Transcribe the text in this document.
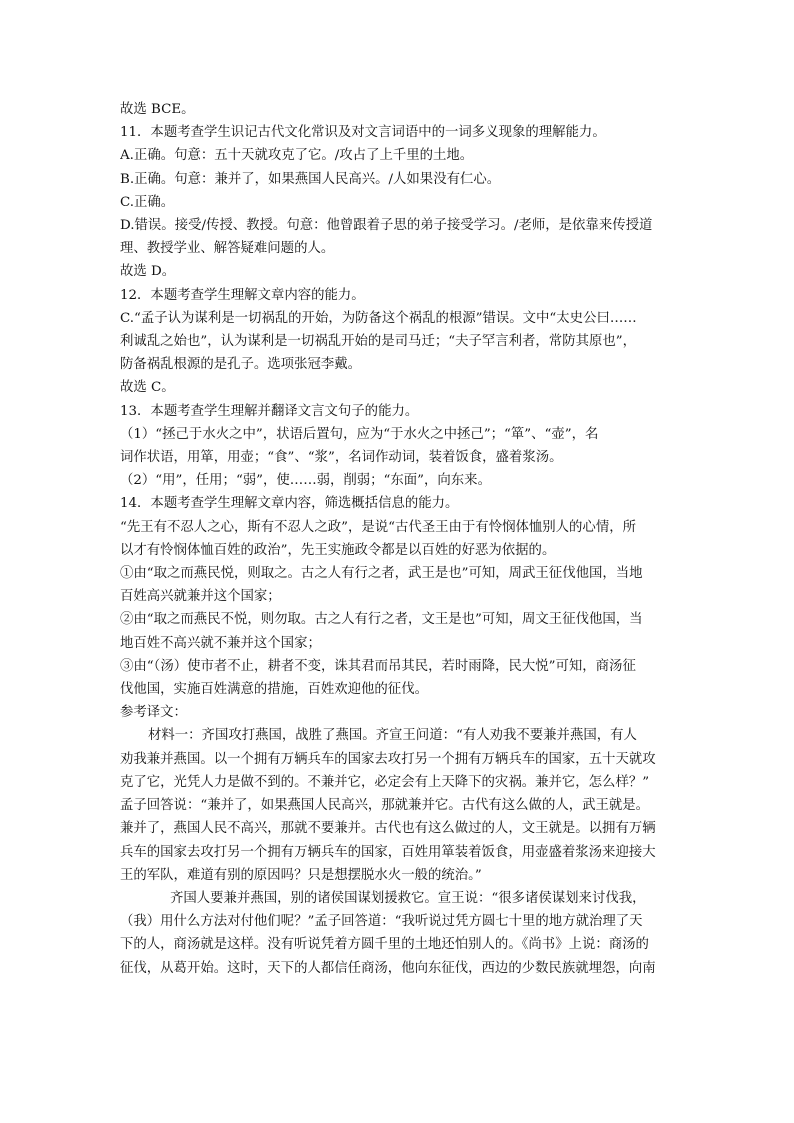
故选 BCE。
11．本题考查学生识记古代文化常识及对文言词语中的一词多义现象的理解能力。
A.正确。句意：五十天就攻克了它。/攻占了上千里的土地。
B.正确。句意：兼并了，如果燕国人民高兴。/人如果没有仁心。
C.正确。
D.错误。接受/传授、教授。句意：他曾跟着子思的弟子接受学习。/老师，是依靠来传授道
理、教授学业、解答疑难问题的人。
故选 D。
12．本题考查学生理解文章内容的能力。
C.“孟子认为谋利是一切祸乱的开始，为防备这个祸乱的根源”错误。文中“太史公曰……
利诚乱之始也”，认为谋利是一切祸乱开始的是司马迁；“夫子罕言利者，常防其原也”，
防备祸乱根源的是孔子。选项张冠李戴。
故选 C。
13．本题考查学生理解并翻译文言文句子的能力。
（1）“拯己于水火之中”，状语后置句，应为“于水火之中拯己”；“箪”、“壶”，名
词作状语，用箪，用壶；“食”、“浆”，名词作动词，装着饭食，盛着浆汤。
（2）“用”，任用；“弱”，使……弱，削弱；“东面”，向东来。
14．本题考查学生理解文章内容，筛选概括信息的能力。
“先王有不忍人之心，斯有不忍人之政”，是说“古代圣王由于有怜悯体恤别人的心情，所
以才有怜悯体恤百姓的政治”，先王实施政令都是以百姓的好恶为依据的。
①由“取之而燕民悦，则取之。古之人有行之者，武王是也”可知，周武王征伐他国，当地
百姓高兴就兼并这个国家；
②由“取之而燕民不悦，则勿取。古之人有行之者，文王是也”可知，周文王征伐他国，当
地百姓不高兴就不兼并这个国家；
③由“（汤）使市者不止，耕者不变，诛其君而吊其民，若时雨降，民大悦”可知，商汤征
伐他国，实施百姓满意的措施，百姓欢迎他的征伐。
参考译文：
材料一：齐国攻打燕国，战胜了燕国。齐宣王问道：“有人劝我不要兼并燕国，有人
劝我兼并燕国。以一个拥有万辆兵车的国家去攻打另一个拥有万辆兵车的国家，五十天就攻
克了它，光凭人力是做不到的。不兼并它，必定会有上天降下的灾祸。兼并它，怎么样？”
孟子回答说：“兼并了，如果燕国人民高兴，那就兼并它。古代有这么做的人，武王就是。
兼并了，燕国人民不高兴，那就不要兼并。古代也有这么做过的人，文王就是。以拥有万辆
兵车的国家去攻打另一个拥有万辆兵车的国家，百姓用箪装着饭食，用壶盛着浆汤来迎接大
王的军队，难道有别的原因吗？只是想摆脱水火一般的统治。”
齐国人要兼并燕国，别的诸侯国谋划援救它。宣王说：“很多诸侯谋划来讨伐我，
（我）用什么方法对付他们呢？”孟子回答道：“我听说过凭方圆七十里的地方就治理了天
下的人，商汤就是这样。没有听说凭着方圆千里的土地还怕别人的。《尚书》上说：商汤的
征伐，从葛开始。这时，天下的人都信任商汤，他向东征伐，西边的少数民族就埋怨，向南
